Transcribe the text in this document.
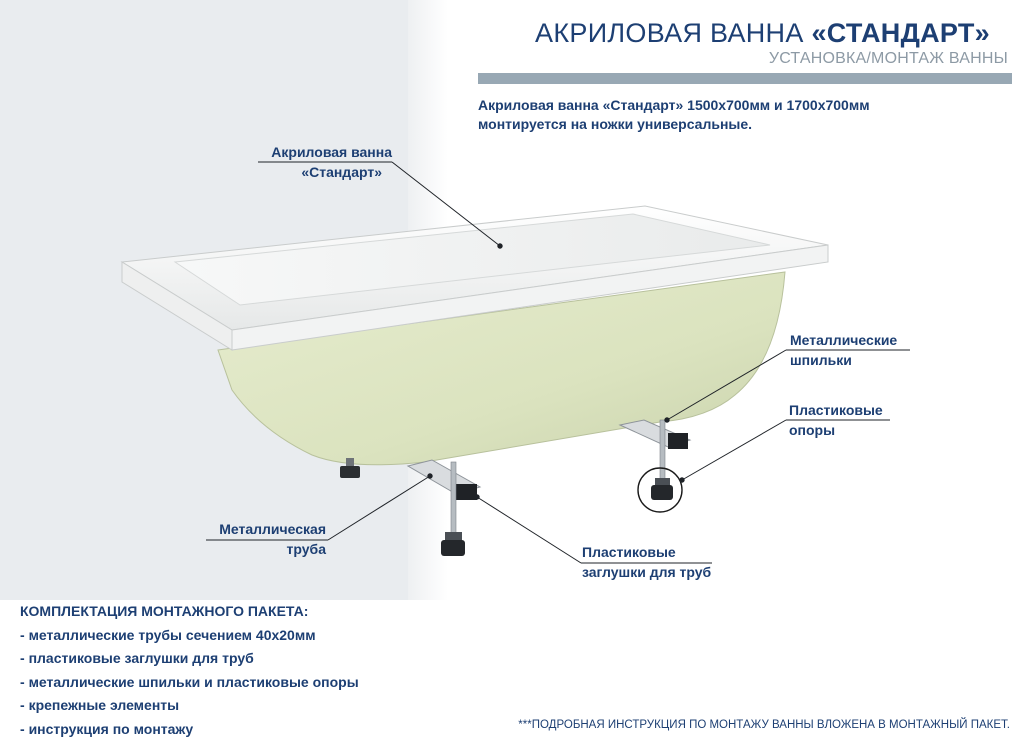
АКРИЛОВАЯ ВАННА «СТАНДАРТ»
УСТАНОВКА/МОНТАЖ ВАННЫ
Акриловая ванна «Стандарт» 1500х700мм и 1700х700мм
монтируется на ножки универсальные.
Акриловая ванна
«Стандарт»
Металлические
шпильки
Пластиковые
опоры
Металлическая
труба	Пластиковые
заглушки для труб
КОМПЛЕКТАЦИЯ МОНТАЖНОГО ПАКЕТА:
- металлические трубы сечением 40х20мм
- пластиковые заглушки для труб
- металлические шпильки и пластиковые опоры
- крепежные элементы
- инструкция по монтажу	***ПОДРОБНАЯ ИНСТРУКЦИЯ ПО МОНТАЖУ ВАННЫ ВЛОЖЕНА В МОНТАЖНЫЙ ПАКЕТ.
